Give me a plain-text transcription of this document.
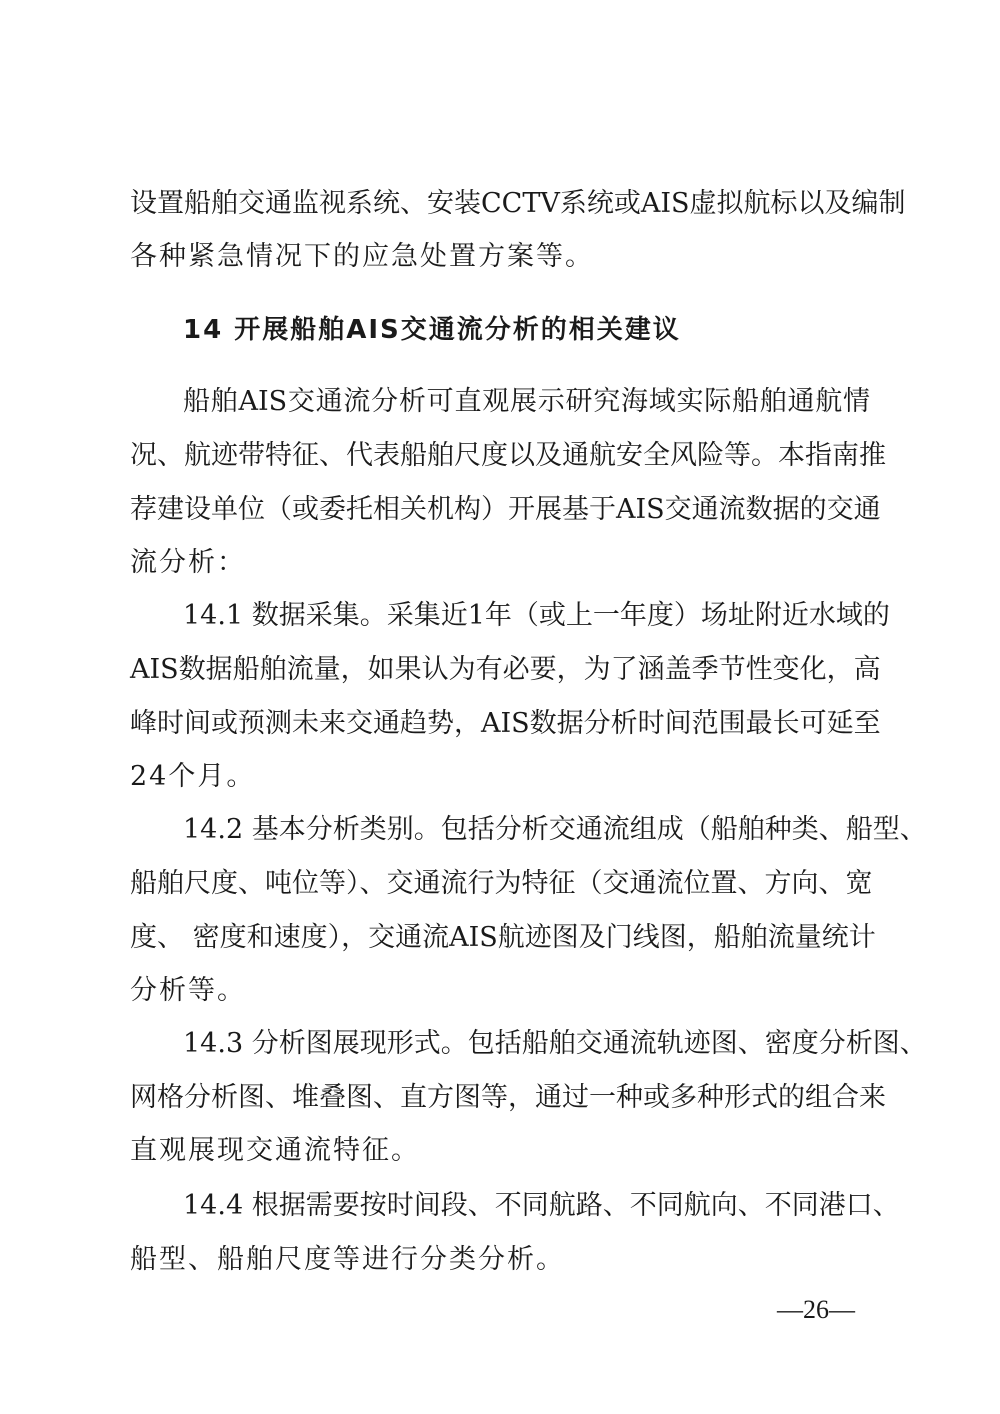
设置船舶交通监视系统、安装CCTV系统或AIS虚拟航标以及编制
各种紧急情况下的应急处置方案等。
14 开展船舶AIS交通流分析的相关建议
船舶AIS交通流分析可直观展示研究海域实际船舶通航情
况、航迹带特征、代表船舶尺度以及通航安全风险等。本指南推
荐建设单位（或委托相关机构）开展基于AIS交通流数据的交通
流分析：
14.1 数据采集。采集近1年（或上一年度）场址附近水域的
AIS数据船舶流量，如果认为有必要，为了涵盖季节性变化，高
峰时间或预测未来交通趋势，AIS数据分析时间范围最长可延至
24个月。
14.2 基本分析类别。包括分析交通流组成（船舶种类、船型、
船舶尺度、吨位等）、交通流行为特征（交通流位置、方向、宽
度、 密度和速度），交通流AIS航迹图及门线图，船舶流量统计
分析等。
14.3 分析图展现形式。包括船舶交通流轨迹图、密度分析图、
网格分析图、堆叠图、直方图等，通过一种或多种形式的组合来
直观展现交通流特征。
14.4 根据需要按时间段、不同航路、不同航向、不同港口、
船型、船舶尺度等进行分类分析。
—26—
